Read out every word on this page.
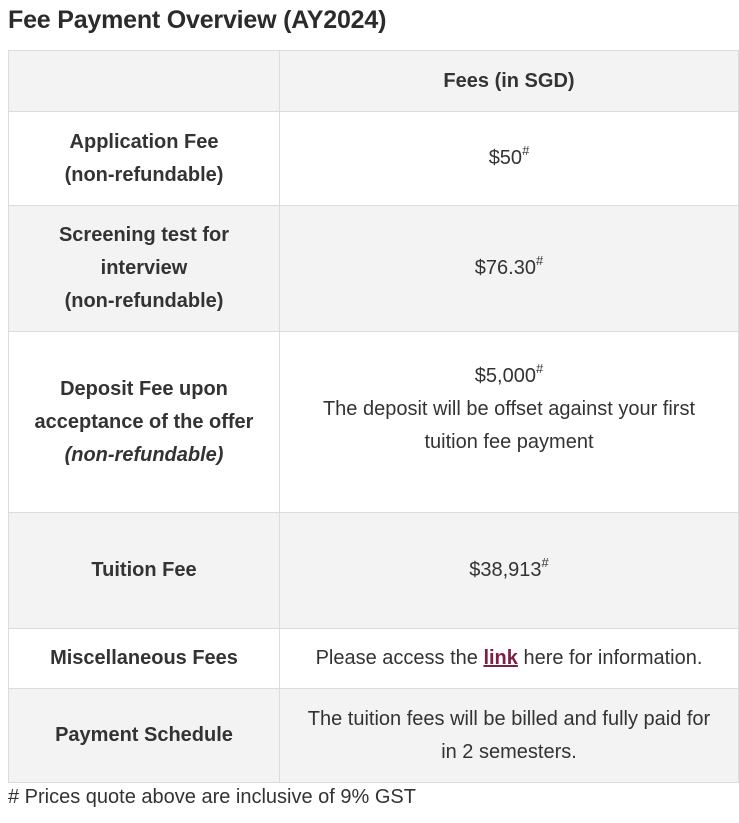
Fee Payment Overview (AY2024)
	Fees (in SGD)
Application Fee
(non-refundable)	$50#
Screening test for
interview
(non-refundable)	$76.30#
Deposit Fee upon
acceptance of the offer
(non-refundable)	$5,000#
The deposit will be offset against your first
tuition fee payment
Tuition Fee	$38,913#
Miscellaneous Fees	Please access the link here for information.
Payment Schedule	The tuition fees will be billed and fully paid for
in 2 semesters.
# Prices quote above are inclusive of 9% GST
